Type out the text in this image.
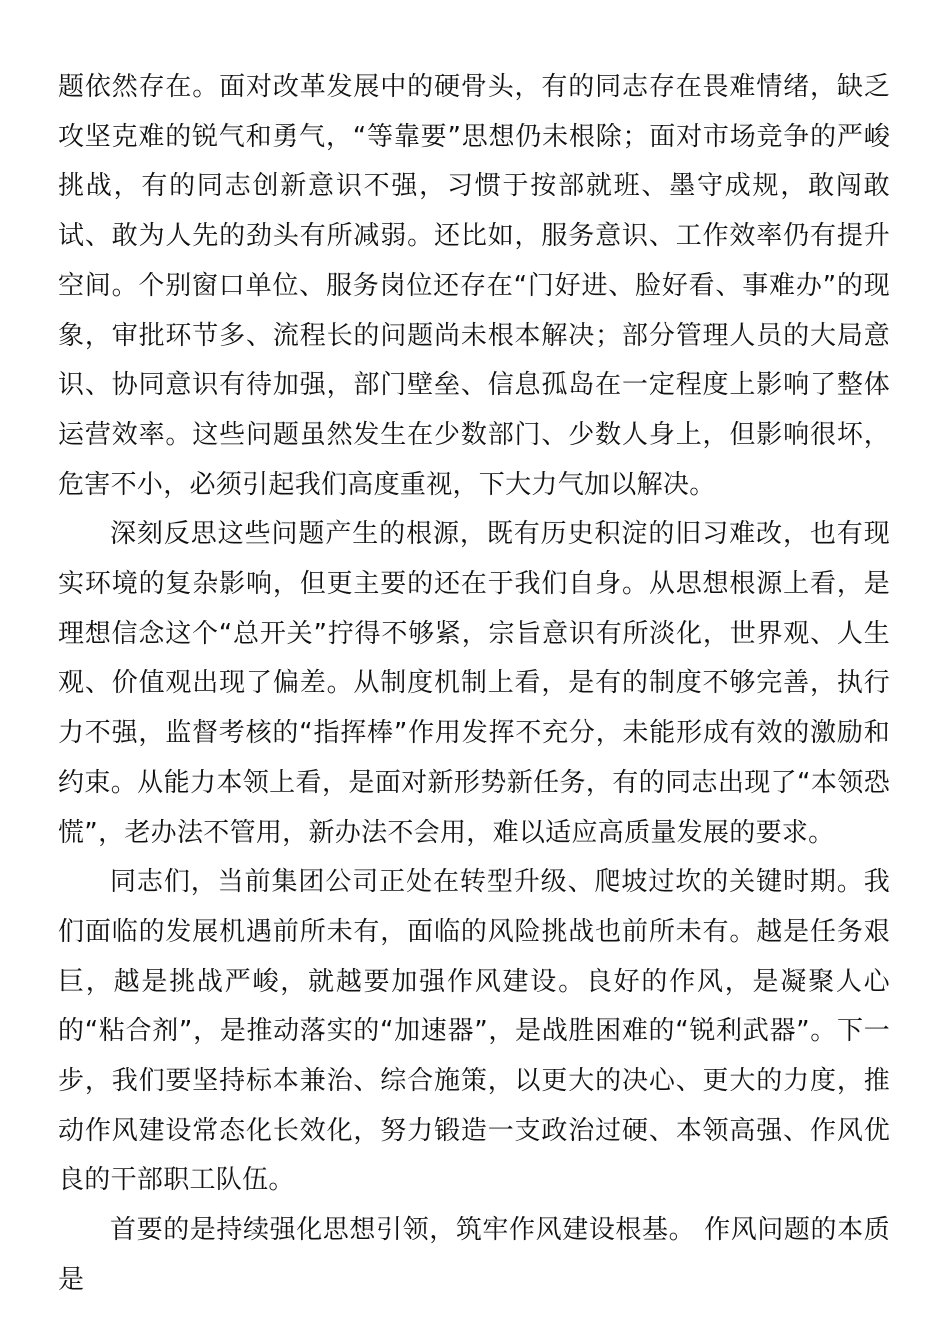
题依然存在。面对改革发展中的硬骨头，有的同志存在畏难情绪，缺乏攻坚克难的锐气和勇气，“等靠要”思想仍未根除；面对市场竞争的严峻挑战，有的同志创新意识不强，习惯于按部就班、墨守成规，敢闯敢试、敢为人先的劲头有所减弱。还比如，服务意识、工作效率仍有提升空间。个别窗口单位、服务岗位还存在“门好进、脸好看、事难办”的现象，审批环节多、流程长的问题尚未根本解决；部分管理人员的大局意识、协同意识有待加强，部门壁垒、信息孤岛在一定程度上影响了整体运营效率。这些问题虽然发生在少数部门、少数人身上，但影响很坏，危害不小，必须引起我们高度重视，下大力气加以解决。

深刻反思这些问题产生的根源，既有历史积淀的旧习难改，也有现实环境的复杂影响，但更主要的还在于我们自身。从思想根源上看，是理想信念这个“总开关”拧得不够紧，宗旨意识有所淡化，世界观、人生观、价值观出现了偏差。从制度机制上看，是有的制度不够完善，执行力不强，监督考核的“指挥棒”作用发挥不充分，未能形成有效的激励和约束。从能力本领上看，是面对新形势新任务，有的同志出现了“本领恐慌”，老办法不管用，新办法不会用，难以适应高质量发展的要求。

同志们，当前集团公司正处在转型升级、爬坡过坎的关键时期。我们面临的发展机遇前所未有，面临的风险挑战也前所未有。越是任务艰巨，越是挑战严峻，就越要加强作风建设。良好的作风，是凝聚人心的“粘合剂”，是推动落实的“加速器”，是战胜困难的“锐利武器”。下一步，我们要坚持标本兼治、综合施策，以更大的决心、更大的力度，推动作风建设常态化长效化，努力锻造一支政治过硬、本领高强、作风优良的干部职工队伍。

首要的是持续强化思想引领，筑牢作风建设根基。 作风问题的本质是
